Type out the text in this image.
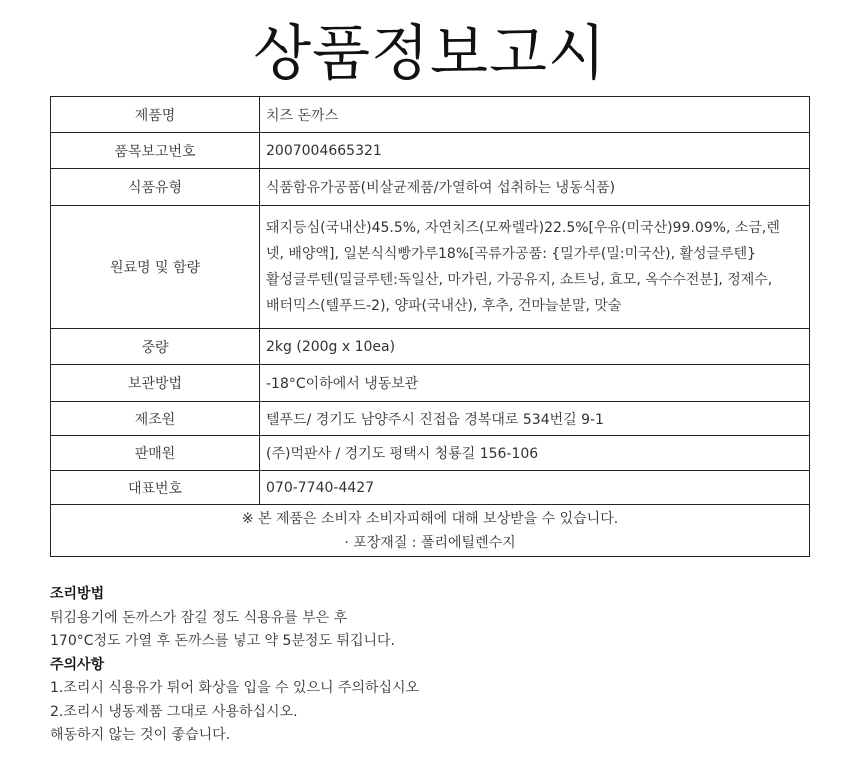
상품정보고시
제품명	치즈 돈까스
품목보고번호	2007004665321
식품유형	식품함유가공품(비살균제품/가열하여 섭취하는 냉동식품)
원료명 및 함량	돼지등심(국내산)45.5%, 자연치즈(모짜렐라)22.5%[우유(미국산)99.09%, 소금,렌
넷, 배양액], 일본식식빵가루18%[곡류가공품: {밀가루(밀:미국산), 활성글루텐}
활성글루텐(밀글루텐:독일산, 마가린, 가공유지, 쇼트닝, 효모, 옥수수전분], 정제수,
배터믹스(텔푸드-2), 양파(국내산), 후추, 건마늘분말, 맛술

중량	2kg (200g x 10ea)
보관방법	-18°C이하에서 냉동보관
제조원	텔푸드/ 경기도 남양주시 진접읍 경복대로 534번길 9-1
판매원	(주)먹판사 / 경기도 평택시 청룡길 156-106
대표번호	070-7740-4427

※ 본 제품은 소비자 소비자피해에 대해 보상받을 수 있습니다.
· 포장재질 : 폴리에틸렌수지	
조리방법
튀김용기에 돈까스가 잠길 정도 식용유를 부은 후
170°C정도 가열 후 돈까스를 넣고 약 5분정도 튀깁니다.
주의사항
1.조리시 식용유가 튀어 화상을 입을 수 있으니 주의하십시오
2.조리시 냉동제품 그대로 사용하십시오.
해동하지 않는 것이 좋습니다.
